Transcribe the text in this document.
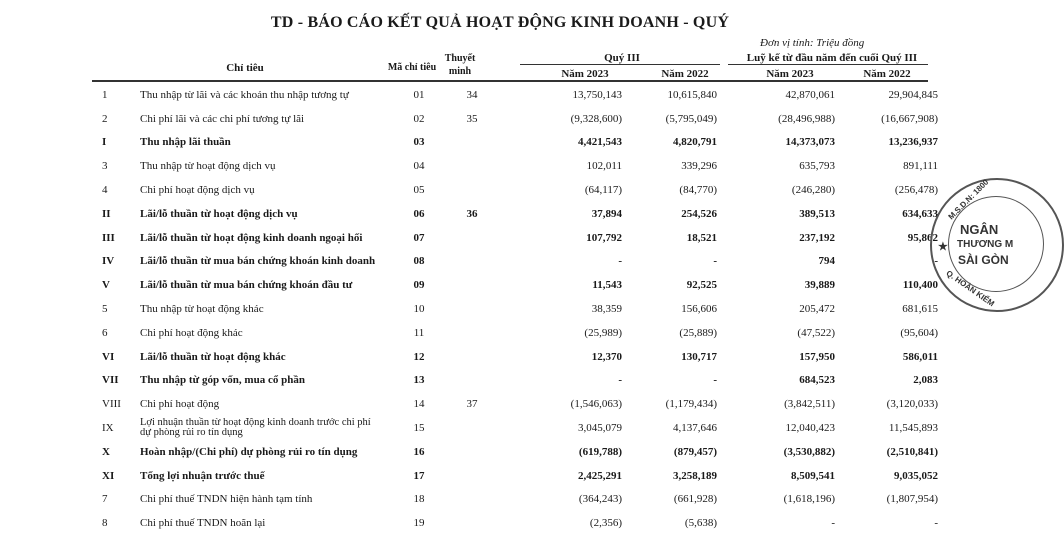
TD - BÁO CÁO KẾT QUẢ HOẠT ĐỘNG KINH DOANH - QUÝ
Đơn vị tính: Triệu đồng
Chỉ tiêu	Mã chỉ tiêu
Thuyết minh
Quý III	Luỹ kế từ đầu năm đến cuối Quý III
Năm 2023	Năm 2022	Năm 2023	Năm 2022
1	Thu nhập từ lãi và các khoản thu nhập tương tự	01	34	13,750,143	10,615,840	42,870,061	29,904,845
2	Chi phí lãi và các chi phí tương tự lãi	02	35	(9,328,600)	(5,795,049)	(28,496,988)	(16,667,908)
I	Thu nhập lãi thuần	03		4,421,543	4,820,791	14,373,073	13,236,937
3	Thu nhập từ hoạt động dịch vụ	04		102,011	339,296	635,793	891,111
4	Chi phí hoạt động dịch vụ	05		(64,117)	(84,770)	(246,280)	(256,478)
II	Lãi/lỗ thuần từ hoạt động dịch vụ	06	36	37,894	254,526	389,513	634,633
III	Lãi/lỗ thuần từ hoạt động kinh doanh ngoại hối	07		107,792	18,521	237,192	95,862
IV	Lãi/lỗ thuần từ mua bán chứng khoán kinh doanh	08		-	-	794	-
V	Lãi/lỗ thuần từ mua bán chứng khoán đầu tư	09		11,543	92,525	39,889	110,400
5	Thu nhập từ hoạt động khác	10		38,359	156,606	205,472	681,615
6	Chi phí hoạt động khác	11		(25,989)	(25,889)	(47,522)	(95,604)
VI	Lãi/lỗ thuần từ hoạt động khác	12		12,370	130,717	157,950	586,011
VII	Thu nhập từ góp vốn, mua cổ phần	13		-	-	684,523	2,083
VIII	Chi phí hoạt động	14	37	(1,546,063)	(1,179,434)	(3,842,511)	(3,120,033)
IX	Lợi nhuận thuần từ hoạt động kinh doanh trước chi phí dự phòng rủi ro tín dụng	15		3,045,079	4,137,646	12,040,423	11,545,893
X	Hoàn nhập/(Chi phí) dự phòng rủi ro tín dụng	16		(619,788)	(879,457)	(3,530,882)	(2,510,841)
XI	Tổng lợi nhuận trước thuế	17		2,425,291	3,258,189	8,509,541	9,035,052
7	Chi phí thuế TNDN hiện hành tạm tính	18		(364,243)	(661,928)	(1,618,196)	(1,807,954)
8	Chi phí thuế TNDN hoãn lại	19		(2,356)	(5,638)	-	-
NGÂN
THƯƠNG M
SÀI GÒN
M.S.D.N: 1800
Q. HOÀN KIẾM
★
